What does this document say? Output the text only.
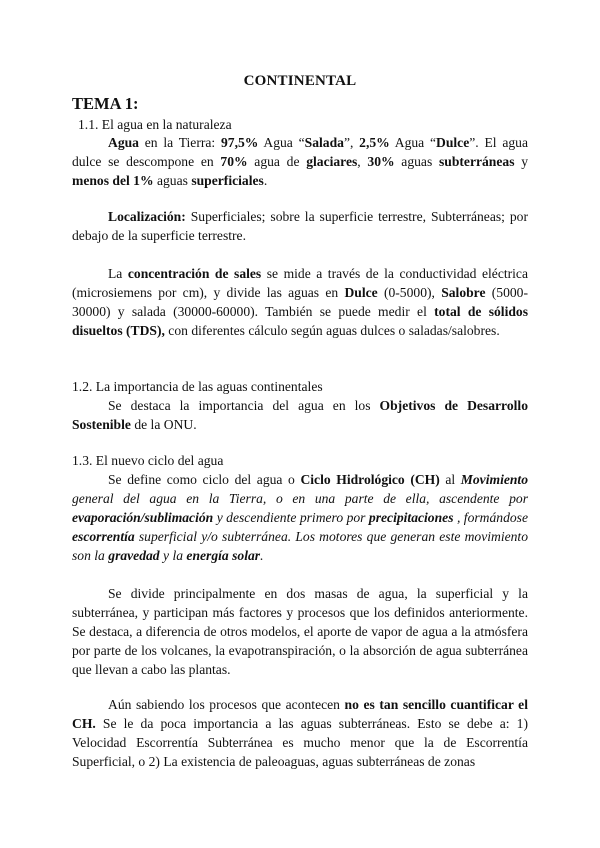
CONTINENTAL
TEMA 1:
1.1. El agua en la naturaleza
Agua en la Tierra: 97,5% Agua “Salada”, 2,5% Agua “Dulce”. El agua dulce se descompone en 70% agua de glaciares, 30% aguas subterráneas y menos del 1% aguas superficiales.
Localización: Superficiales; sobre la superficie terrestre, Subterráneas; por debajo de la superficie terrestre.
La concentración de sales se mide a través de la conductividad eléctrica (microsiemens por cm), y divide las aguas en Dulce (0-5000), Salobre (5000-30000) y salada (30000-60000). También se puede medir el total de sólidos disueltos (TDS), con diferentes cálculo según aguas dulces o saladas/salobres.
1.2. La importancia de las aguas continentales
Se destaca la importancia del agua en los Objetivos de Desarrollo Sostenible de la ONU.
1.3. El nuevo ciclo del agua
Se define como ciclo del agua o Ciclo Hidrológico (CH) al Movimiento general del agua en la Tierra, o en una parte de ella, ascendente por evaporación/sublimación y descendiente primero por precipitaciones , formándose escorrentía superficial y/o subterránea. Los motores que generan este movimiento son la gravedad y la energía solar.
Se divide principalmente en dos masas de agua, la superficial y la subterránea, y participan más factores y procesos que los definidos anteriormente. Se destaca, a diferencia de otros modelos, el aporte de vapor de agua a la atmósfera por parte de los volcanes, la evapotranspiración, o la absorción de agua subterránea que llevan a cabo las plantas.
Aún sabiendo los procesos que acontecen no es tan sencillo cuantificar el CH. Se le da poca importancia a las aguas subterráneas. Esto se debe a: 1) Velocidad Escorrentía Subterránea es mucho menor que la de Escorrentía Superficial, o 2) La existencia de paleoaguas, aguas subterráneas de zonas
